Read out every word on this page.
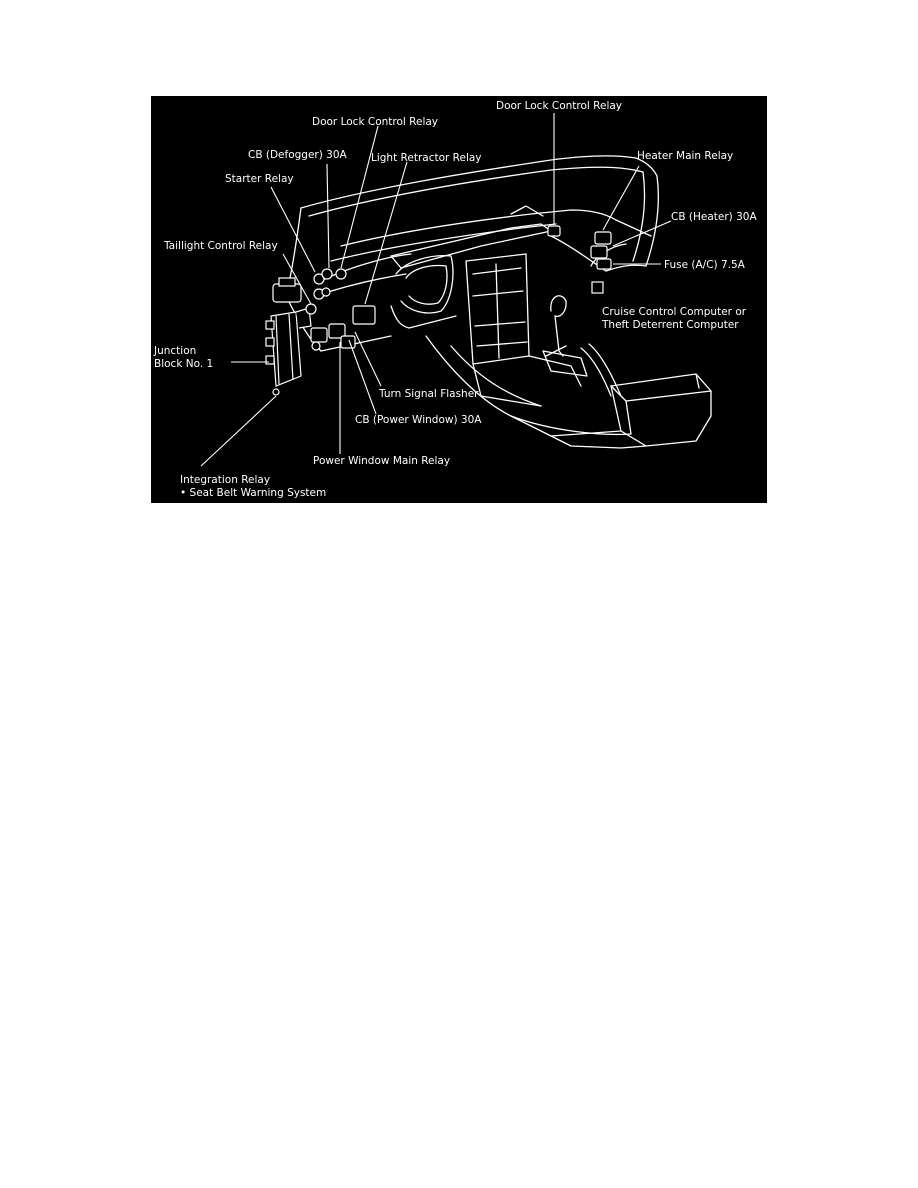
Door Lock Control Relay
Door Lock Control Relay
CB (Defogger) 30A Light Retractor Relay
Starter Relay
Heater Main Relay
CB (Heater) 30A
Taillight Control Relay
Fuse (A/C) 7.5A
Cruise Control Computer or
Theft Deterrent Computer
Junction
Block No. 1
Turn Signal Flasher
CB (Power Window) 30A
Power Window Main Relay
Integration Relay
• Seat Belt Warning System
